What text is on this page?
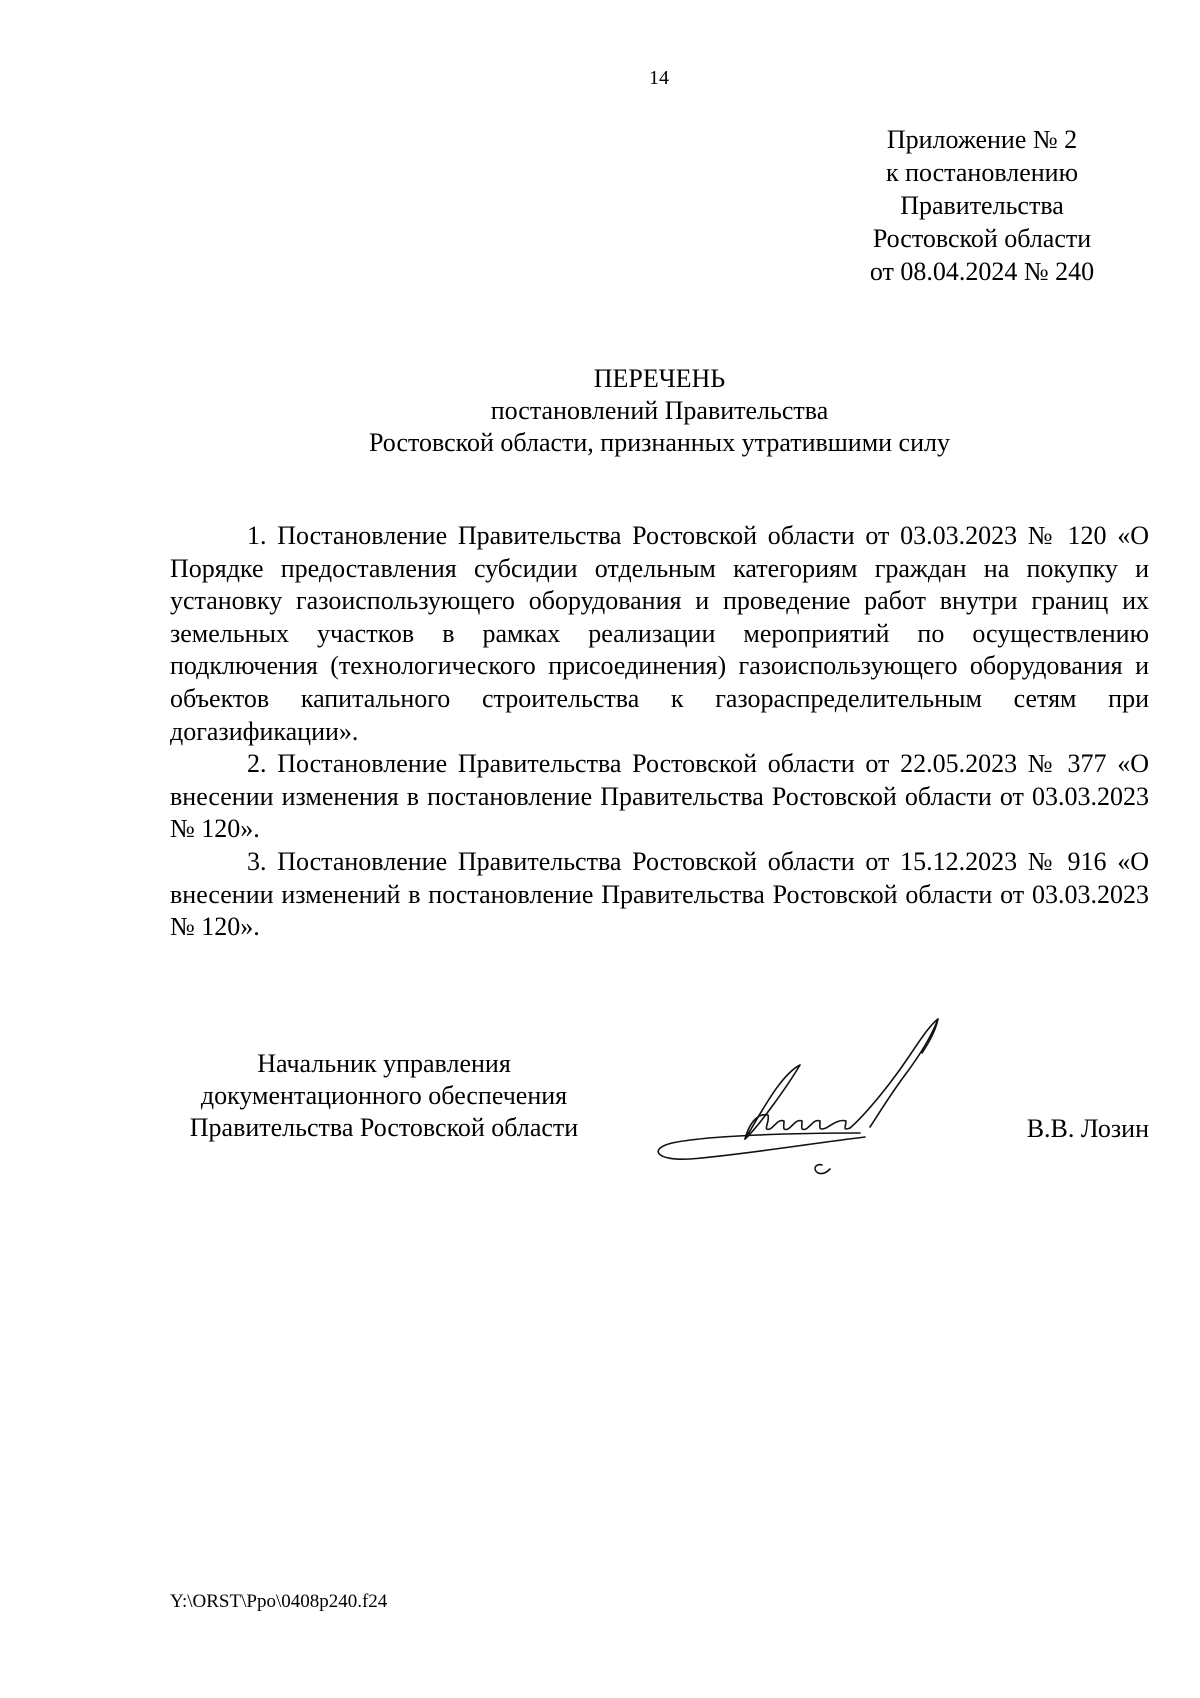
14
Приложение № 2
к постановлению
Правительства
Ростовской области
от 08.04.2024 № 240
ПЕРЕЧЕНЬ
постановлений Правительства
Ростовской области, признанных утратившими силу

1. Постановление Правительства Ростовской области от 03.03.2023 № 120 «О Порядке предоставления субсидии отдельным категориям граждан на покупку и установку газоиспользующего оборудования и проведение работ внутри границ их земельных участков в рамках реализации мероприятий по осуществлению подключения (технологического присоединения) газоиспользующего оборудования и объектов капитального строительства к газораспределительным сетям при догазификации».

2. Постановление Правительства Ростовской области от 22.05.2023 № 377 «О внесении изменения в постановление Правительства Ростовской области от 03.03.2023 № 120».

3. Постановление Правительства Ростовской области от 15.12.2023 № 916 «О внесении изменений в постановление Правительства Ростовской области от 03.03.2023 № 120».

Начальник управления
документационного обеспечения
Правительства Ростовской области	В.В. Лозин
Y:\ORST\Рро\0408р240.f24
